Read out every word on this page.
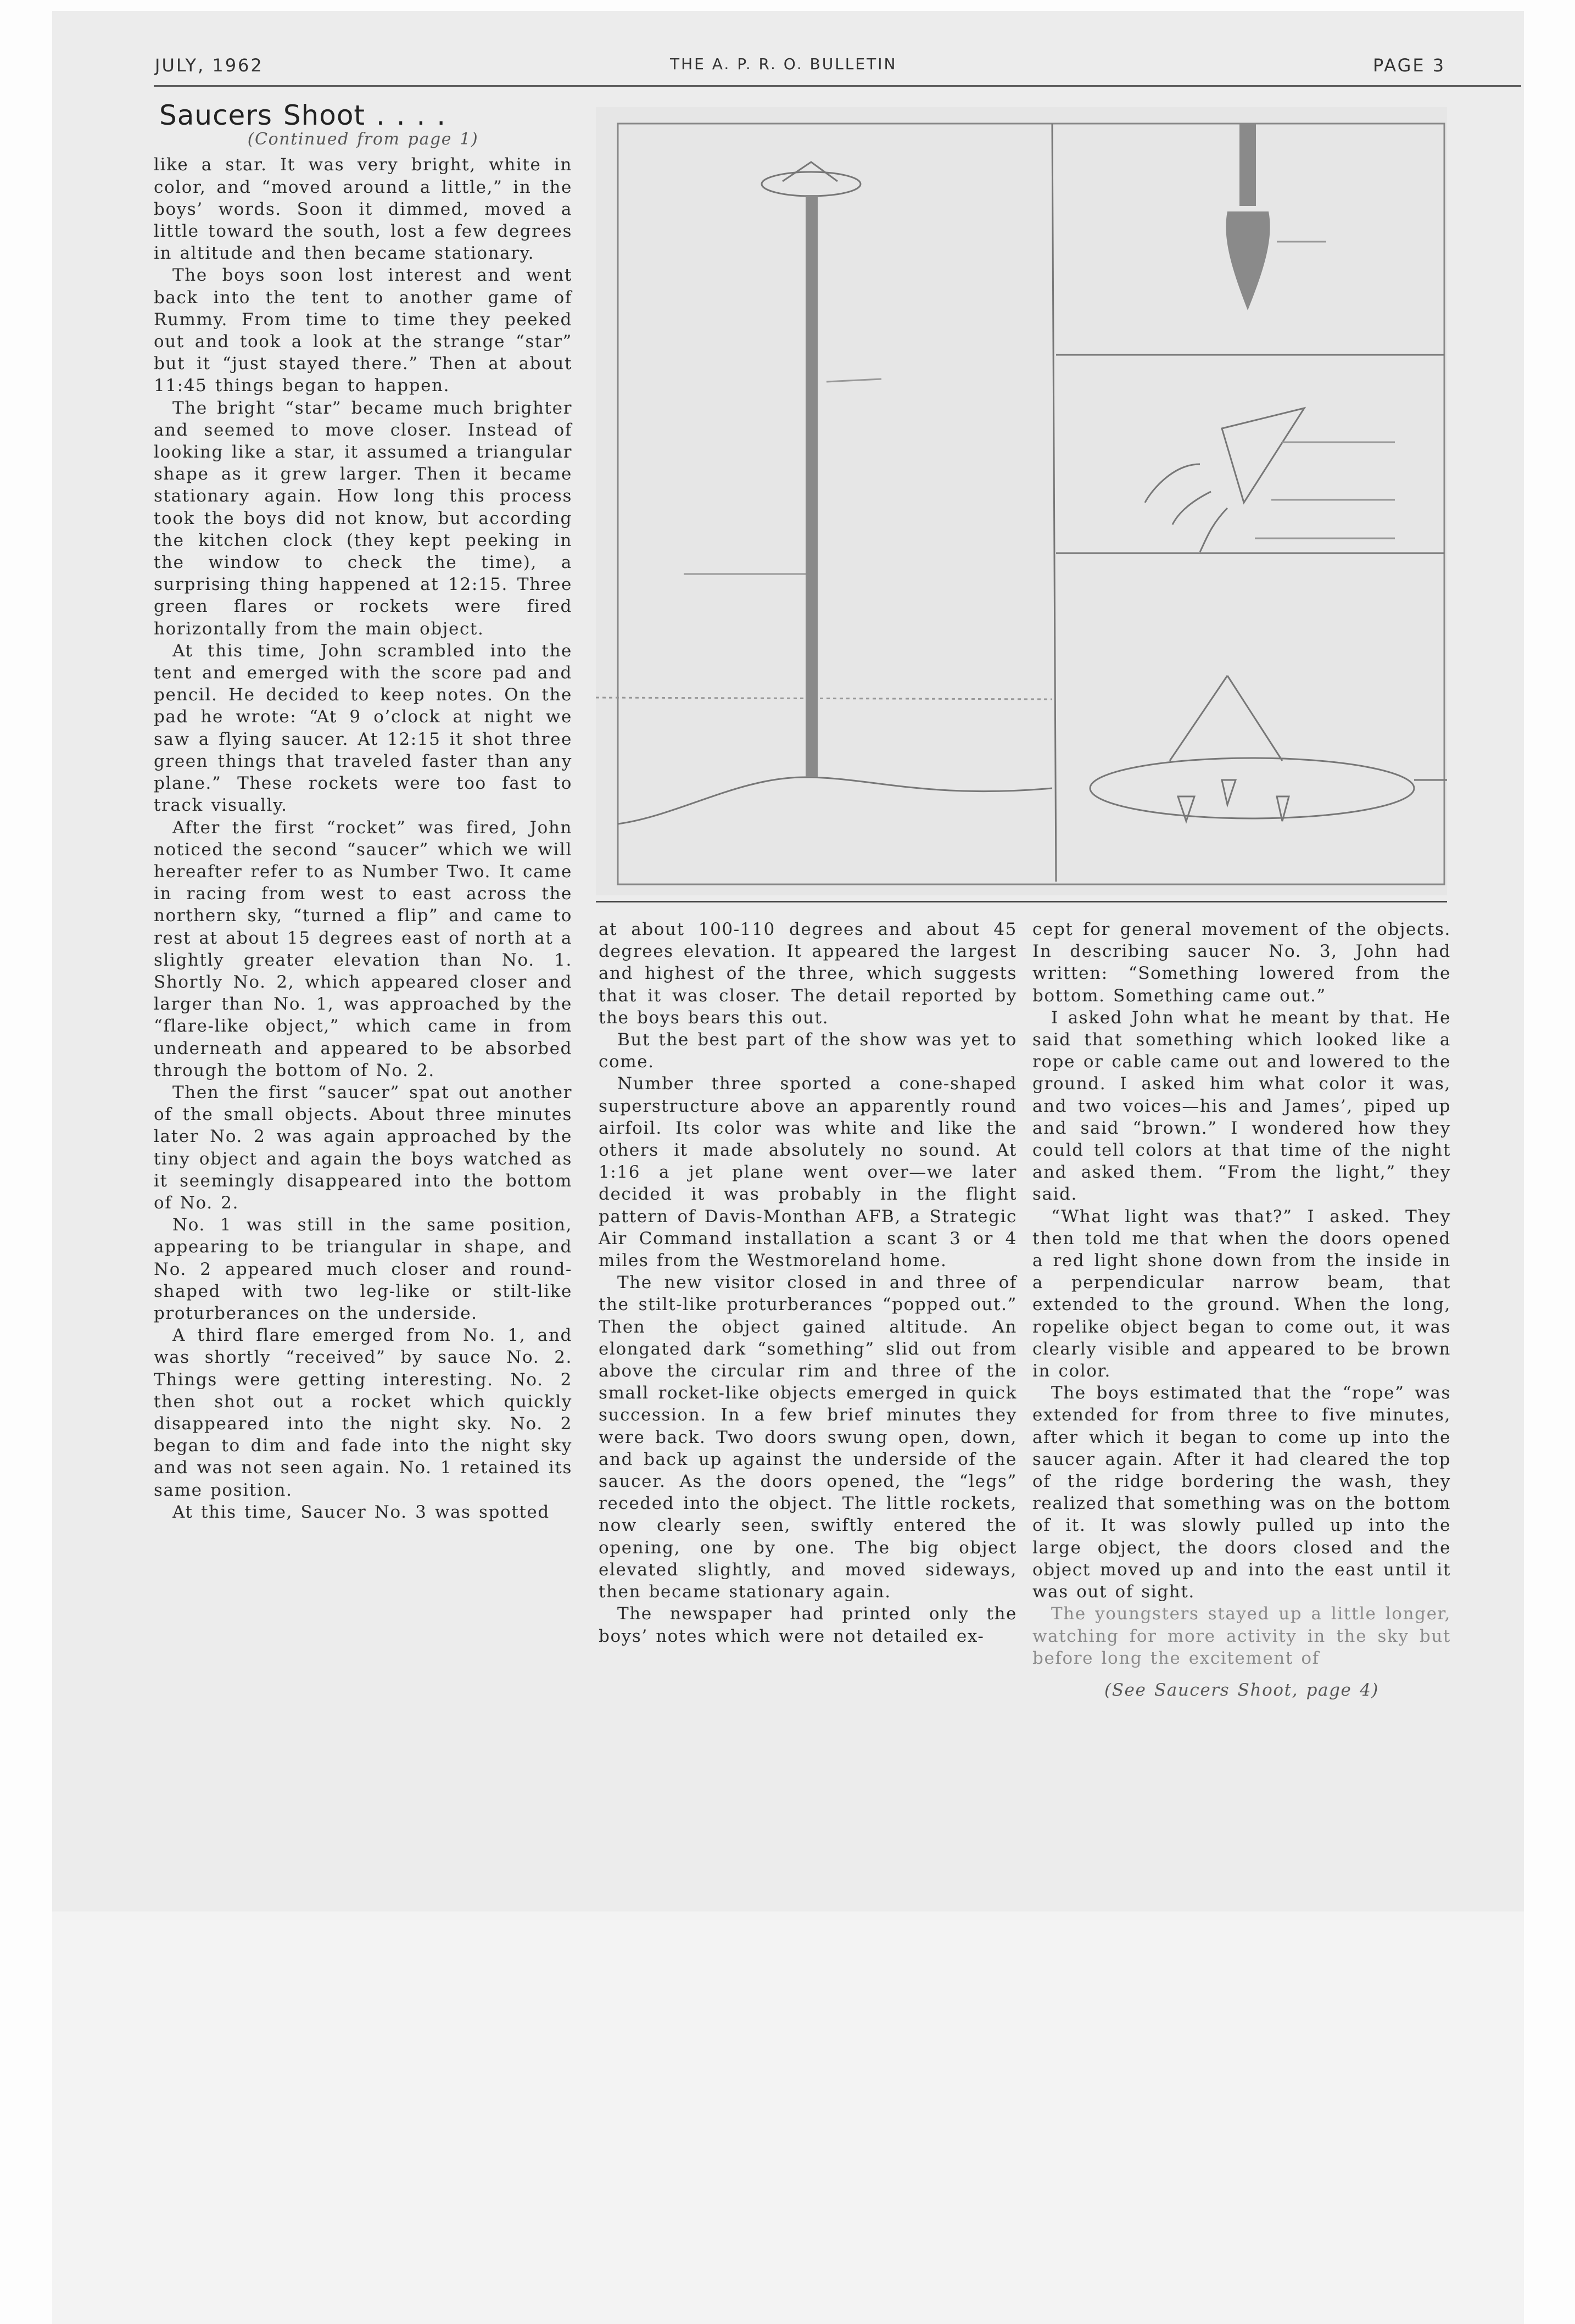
JULY, 1962	THE A. P. R. O. BULLETIN	PAGE 3
Saucers Shoot . . . .
(Continued from page 1)

like a star. It was very bright, white in color, and “moved around a little,” in the boys’ words. Soon it dimmed, moved a little toward the south, lost a few degrees in altitude and then became stationary.

The boys soon lost interest and went back into the tent to another game of Rummy. From time to time they peeked out and took a look at the strange “star” but it “just stayed there.” Then at about 11:45 things began to happen.

The bright “star” became much brighter and seemed to move closer. Instead of looking like a star, it assumed a triangular shape as it grew larger. Then it became stationary again. How long this process took the boys did not know, but according the kitchen clock (they kept peeking in the window to check the time), a surprising thing happened at 12:15. Three green flares or rockets were fired horizontally from the main object.

At this time, John scrambled into the tent and emerged with the score pad and pencil. He decided to keep notes. On the pad he wrote: “At 9 o’clock at night we saw a flying saucer. At 12:15 it shot three green things that traveled faster than any plane.” These rockets were too fast to track visually.

After the first “rocket” was fired, John noticed the second “saucer” which we will hereafter refer to as Number Two. It came in racing from west to east across the northern sky, “turned a flip” and came to rest at about 15 degrees east of north at a slightly greater elevation than No. 1. Shortly No. 2, which appeared closer and larger than No. 1, was approached by the “flare-like object,” which came in from underneath and appeared to be absorbed through the bottom of No. 2.

Then the first “saucer” spat out another of the small objects. About three minutes later No. 2 was again approached by the tiny object and again the boys watched as it seemingly disappeared into the bottom of No. 2.

No. 1 was still in the same position, appearing to be triangular in shape, and No. 2 appeared much closer and round-shaped with two leg-like or stilt-like proturberances on the underside.

A third flare emerged from No. 1, and was shortly “received” by sauce No. 2. Things were getting interesting. No. 2 then shot out a rocket which quickly disappeared into the night sky. No. 2 began to dim and fade into the night sky and was not seen again. No. 1 retained its same position.

At this time, Saucer No. 3 was spotted

at about 100-110 degrees and about 45 degrees elevation. It appeared the largest and highest of the three, which suggests that it was closer. The detail reported by the boys bears this out.

But the best part of the show was yet to come.

Number three sported a cone-shaped superstructure above an apparently round airfoil. Its color was white and like the others it made absolutely no sound. At 1:16 a jet plane went over—we later decided it was probably in the flight pattern of Davis-Monthan AFB, a Strategic Air Command installation a scant 3 or 4 miles from the Westmoreland home.

The new visitor closed in and three of the stilt-like proturberances “popped out.” Then the object gained altitude. An elongated dark “something” slid out from above the circular rim and three of the small rocket-like objects emerged in quick succession. In a few brief minutes they were back. Two doors swung open, down, and back up against the underside of the saucer. As the doors opened, the “legs” receded into the object. The little rockets, now clearly seen, swiftly entered the opening, one by one. The big object elevated slightly, and moved sideways, then became stationary again.

The newspaper had printed only the boys’ notes which were not detailed ex-

cept for general movement of the objects. In describing saucer No. 3, John had written: “Something lowered from the bottom. Something came out.”

I asked John what he meant by that. He said that something which looked like a rope or cable came out and lowered to the ground. I asked him what color it was, and two voices—his and James’, piped up and said “brown.” I wondered how they could tell colors at that time of the night and asked them. “From the light,” they said.

“What light was that?” I asked. They then told me that when the doors opened a red light shone down from the inside in a perpendicular narrow beam, that extended to the ground. When the long, ropelike object began to come out, it was clearly visible and appeared to be brown in color.

The boys estimated that the “rope” was extended for from three to five minutes, after which it began to come up into the saucer again. After it had cleared the top of the ridge bordering the wash, they realized that something was on the bottom of it. It was slowly pulled up into the large object, the doors closed and the object moved up and into the east until it was out of sight.

The youngsters stayed up a little longer, watching for more activity in the sky but before long the excitement of

(See Saucers Shoot, page 4)
